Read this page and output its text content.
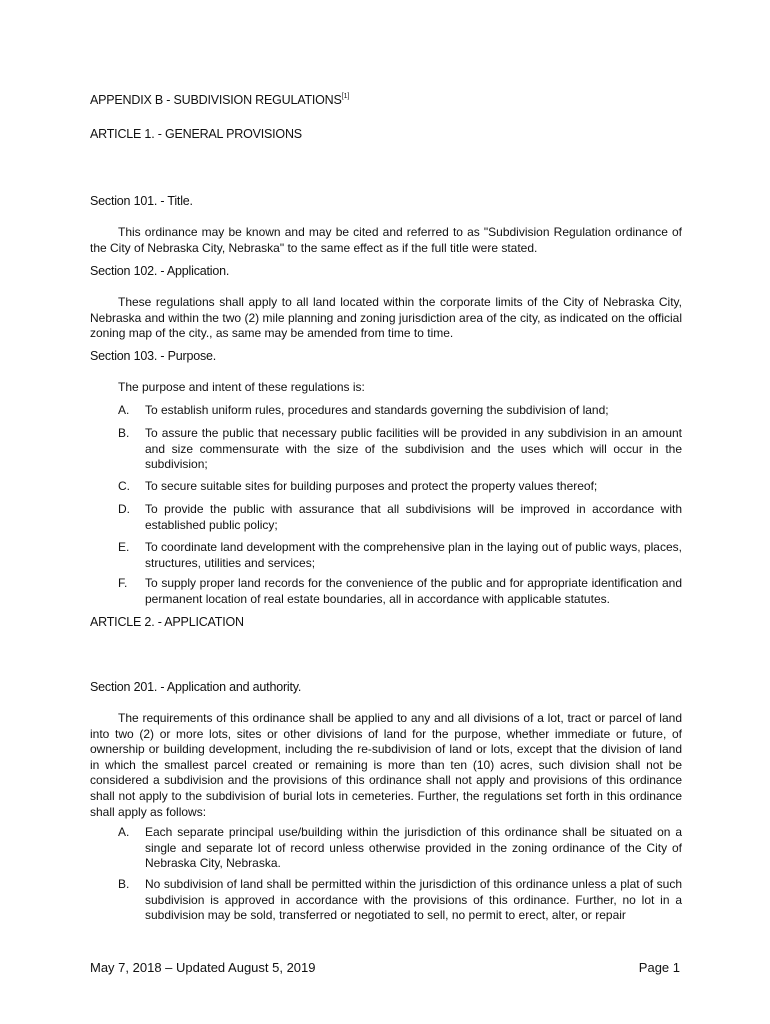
APPENDIX B - SUBDIVISION REGULATIONS[1]
ARTICLE 1. - GENERAL PROVISIONS
Section 101. - Title.

This ordinance may be known and may be cited and referred to as "Subdivision Regulation ordinance of the City of Nebraska City, Nebraska" to the same effect as if the full title were stated.

Section 102. - Application.

These regulations shall apply to all land located within the corporate limits of the City of Nebraska City, Nebraska and within the two (2) mile planning and zoning jurisdiction area of the city, as indicated on the official zoning map of the city., as same may be amended from time to time.

Section 103. - Purpose.

The purpose and intent of these regulations is:

A. To establish uniform rules, procedures and standards governing the subdivision of land;
B. To assure the public that necessary public facilities will be provided in any subdivision in an amount and size commensurate with the size of the subdivision and the uses which will occur in the subdivision;
C. To secure suitable sites for building purposes and protect the property values thereof;
D. To provide the public with assurance that all subdivisions will be improved in accordance with established public policy;
E. To coordinate land development with the comprehensive plan in the laying out of public ways, places, structures, utilities and services;
F. To supply proper land records for the convenience of the public and for appropriate identification and permanent location of real estate boundaries, all in accordance with applicable statutes.
ARTICLE 2. - APPLICATION
Section 201. - Application and authority.

The requirements of this ordinance shall be applied to any and all divisions of a lot, tract or parcel of land into two (2) or more lots, sites or other divisions of land for the purpose, whether immediate or future, of ownership or building development, including the re-subdivision of land or lots, except that the division of land in which the smallest parcel created or remaining is more than ten (10) acres, such division shall not be considered a subdivision and the provisions of this ordinance shall not apply and provisions of this ordinance shall not apply to the subdivision of burial lots in cemeteries. Further, the regulations set forth in this ordinance shall apply as follows:

A. Each separate principal use/building within the jurisdiction of this ordinance shall be situated on a single and separate lot of record unless otherwise provided in the zoning ordinance of the City of Nebraska City, Nebraska.
B. No subdivision of land shall be permitted within the jurisdiction of this ordinance unless a plat of such subdivision is approved in accordance with the provisions of this ordinance. Further, no lot in a subdivision may be sold, transferred or negotiated to sell, no permit to erect, alter, or repair
May 7, 2018 – Updated August 5, 2019	Page 1
